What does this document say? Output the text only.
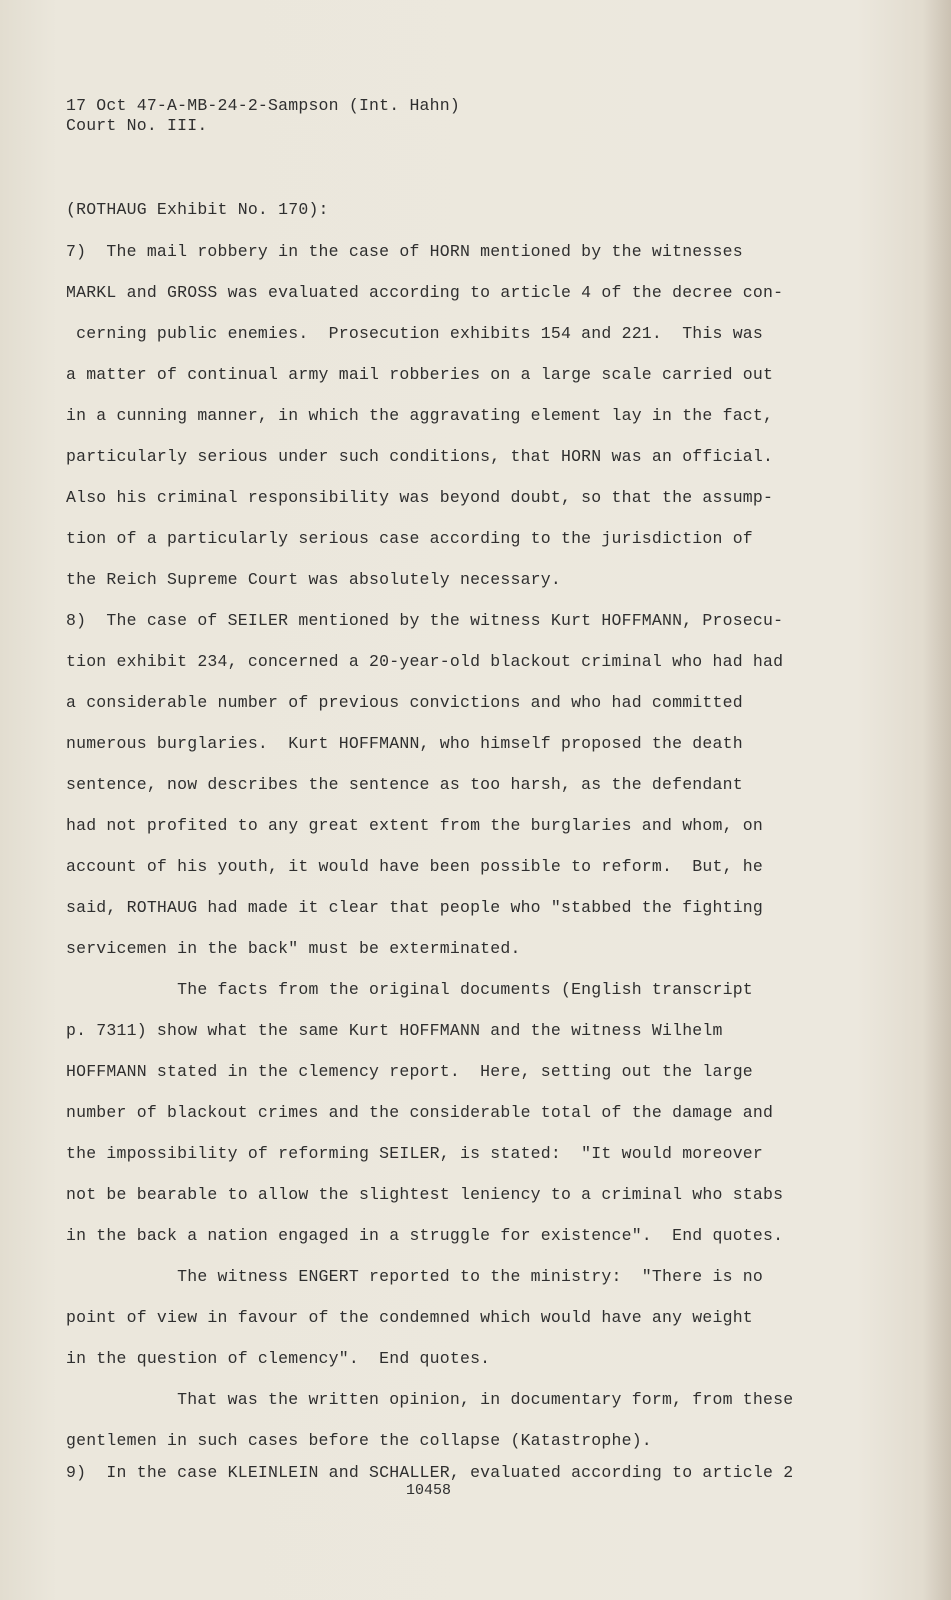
17 Oct 47-A-MB-24-2-Sampson (Int. Hahn)
Court No. III.
(ROTHAUG Exhibit No. 170):
7)  The mail robbery in the case of HORN mentioned by the witnesses
MARKL and GROSS was evaluated according to article 4 of the decree con-
cerning public enemies.  Prosecution exhibits 154 and 221.  This was
a matter of continual army mail robberies on a large scale carried out
in a cunning manner, in which the aggravating element lay in the fact,
particularly serious under such conditions, that HORN was an official.
Also his criminal responsibility was beyond doubt, so that the assump-
tion of a particularly serious case according to the jurisdiction of
the Reich Supreme Court was absolutely necessary.
8)  The case of SEILER mentioned by the witness Kurt HOFFMANN, Prosecu-
tion exhibit 234, concerned a 20-year-old blackout criminal who had had
a considerable number of previous convictions and who had committed
numerous burglaries.  Kurt HOFFMANN, who himself proposed the death
sentence, now describes the sentence as too harsh, as the defendant
had not profited to any great extent from the burglaries and whom, on
account of his youth, it would have been possible to reform.  But, he
said, ROTHAUG had made it clear that people who "stabbed the fighting
servicemen in the back" must be exterminated.
The facts from the original documents (English transcript
p. 7311) show what the same Kurt HOFFMANN and the witness Wilhelm
HOFFMANN stated in the clemency report.  Here, setting out the large
number of blackout crimes and the considerable total of the damage and
the impossibility of reforming SEILER, is stated:  "It would moreover
not be bearable to allow the slightest leniency to a criminal who stabs
in the back a nation engaged in a struggle for existence".  End quotes.
The witness ENGERT reported to the ministry:  "There is no
point of view in favour of the condemned which would have any weight
in the question of clemency".  End quotes.
That was the written opinion, in documentary form, from these
gentlemen in such cases before the collapse (Katastrophe).
9)  In the case KLEINLEIN and SCHALLER, evaluated according to article 2
10458
